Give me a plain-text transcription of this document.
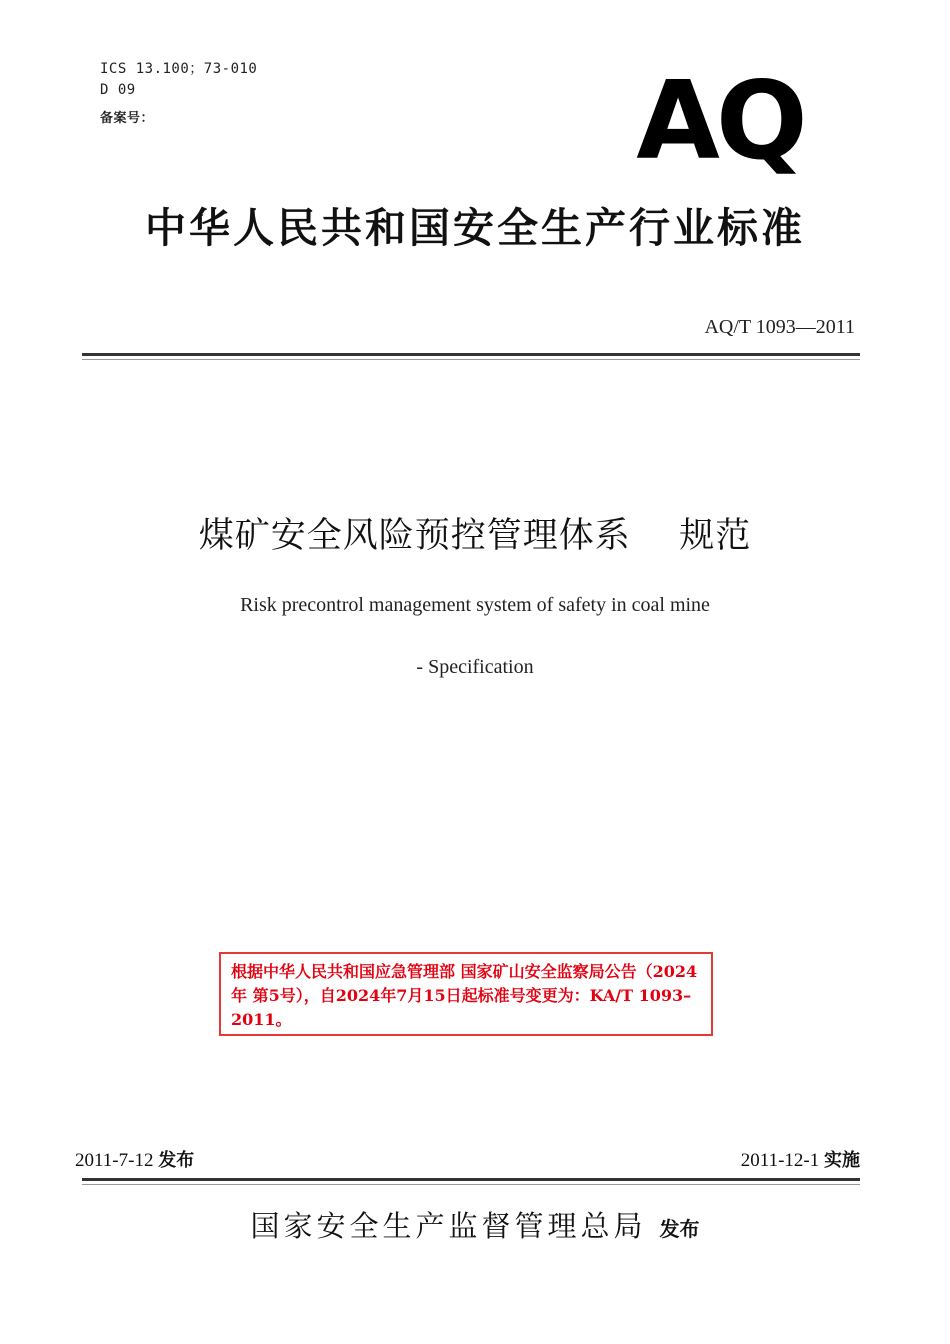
ICS 13.100；73-010
D 09
备案号：	AQ
中华人民共和国安全生产行业标准
AQ/T 1093—2011
煤矿安全风险预控管理体系    规范
Risk precontrol management system of safety in coal mine
- Specification
根据中华人民共和国应急管理部 国家矿山安全监察局公告（2024年 第5号），自2024年7月15日起标准号变更为：KA/T 1093–2011。
2011-7-12 发布	2011-12-1 实施
国家安全生产监督管理总局 发布
